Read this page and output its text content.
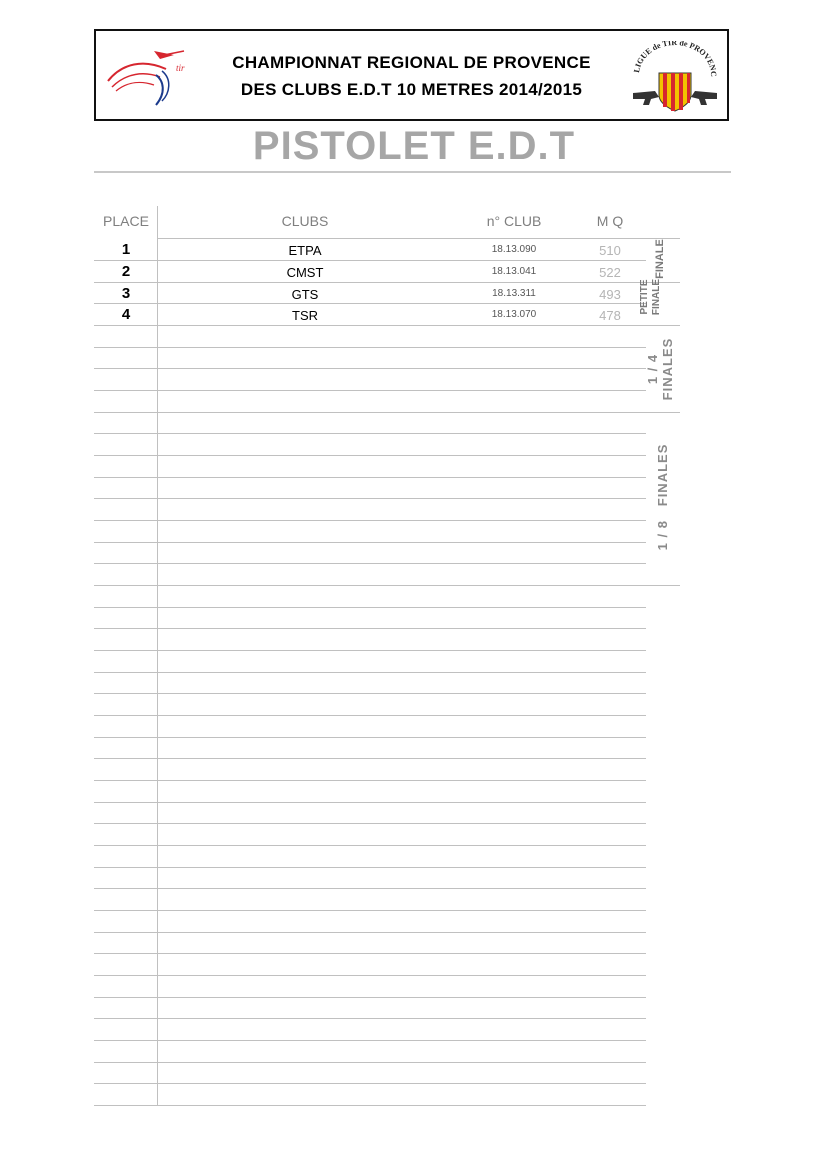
tir	CHAMPIONNAT REGIONAL DE PROVENCE
DES CLUBS E.D.T 10 METRES 2014/2015
LIGUE de TIR de PROVENC
PISTOLET E.D.T
PLACE	CLUBS	n° CLUB	M Q
1	ETPA	18.13.090	510
2	CMST	18.13.041	522
3	GTS	18.13.311	493
4	TSR	18.13.070	478
FINALE
PETITE FINALE
1 / 4 FINALES
1 / 8   FINALES
